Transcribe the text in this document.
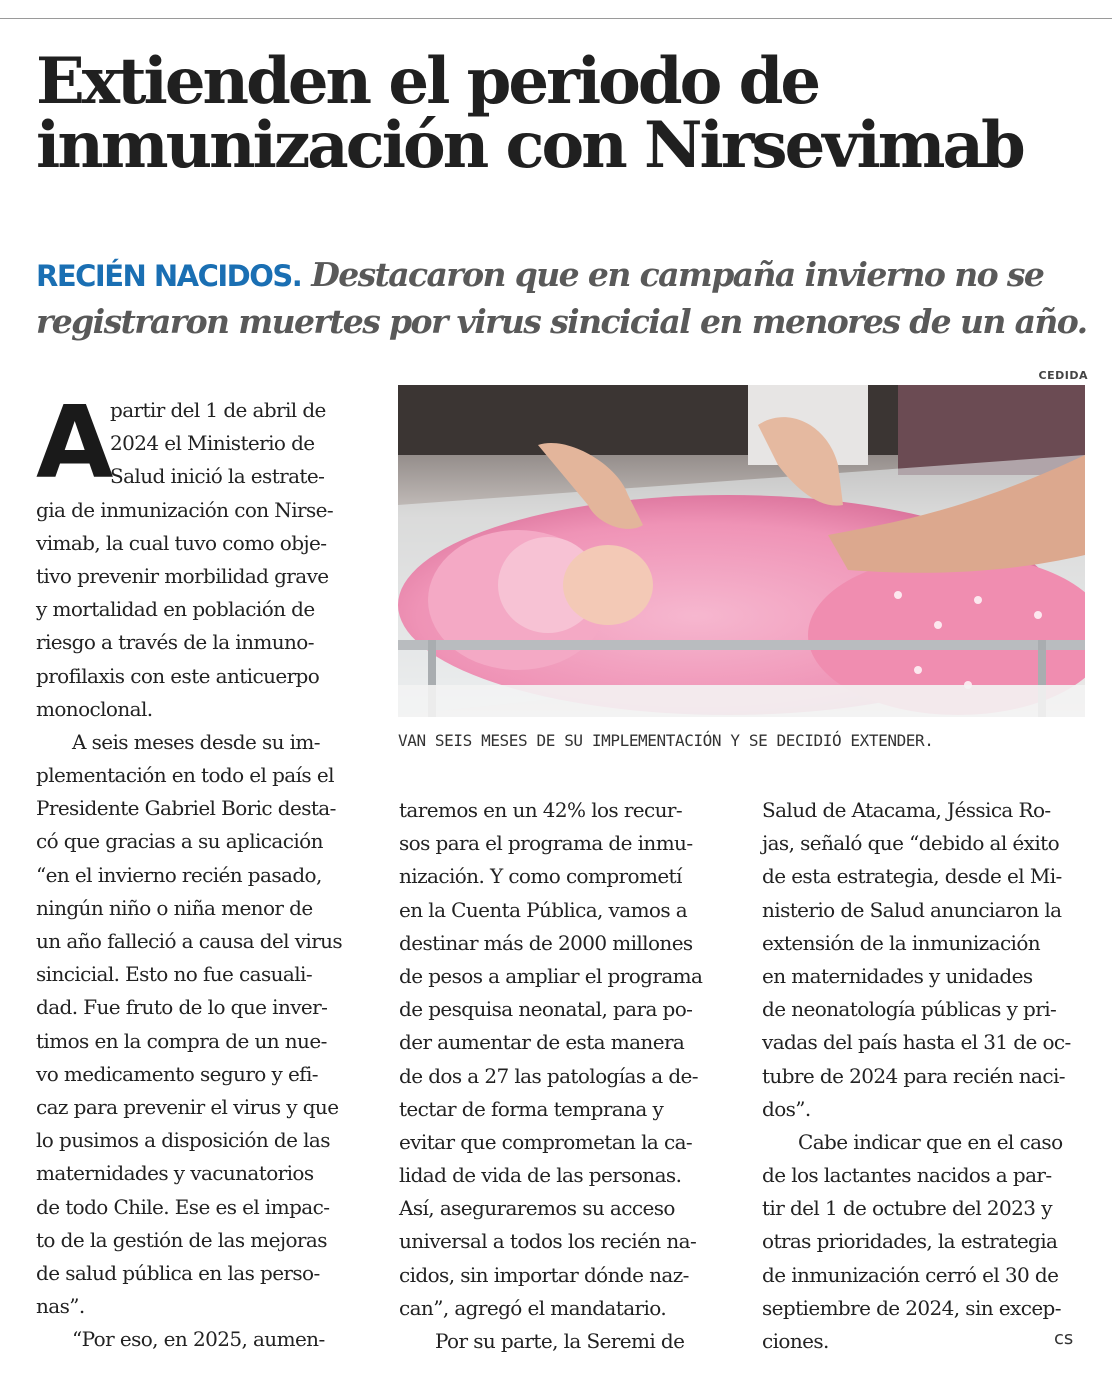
Extienden el periodo de
inmunización con Nirsevimab
RECIÉN NACIDOS. Destacaron que en campaña invierno no se
registraron muertes por virus sincicial en menores de un año.
CEDIDA
VAN SEIS MESES DE SU IMPLEMENTACIÓN Y SE DECIDIÓ EXTENDER.
A
partir del 1 de abril de
2024 el Ministerio de
Salud inició la estrate-
gia de inmunización con Nirse-
vimab, la cual tuvo como obje-
tivo prevenir morbilidad grave
y mortalidad en población de
riesgo a través de la inmuno-
profilaxis con este anticuerpo
monoclonal.
A seis meses desde su im-
plementación en todo el país el
Presidente Gabriel Boric desta-
có que gracias a su aplicación
“en el invierno recién pasado,
ningún niño o niña menor de
un año falleció a causa del virus
sincicial. Esto no fue casuali-
dad. Fue fruto de lo que inver-
timos en la compra de un nue-
vo medicamento seguro y efi-
caz para prevenir el virus y que
lo pusimos a disposición de las
maternidades y vacunatorios
de todo Chile. Ese es el impac-
to de la gestión de las mejoras
de salud pública en las perso-
nas”.
“Por eso, en 2025, aumen-
taremos en un 42% los recur-
sos para el programa de inmu-
nización. Y como comprometí
en la Cuenta Pública, vamos a
destinar más de 2000 millones
de pesos a ampliar el programa
de pesquisa neonatal, para po-
der aumentar de esta manera
de dos a 27 las patologías a de-
tectar de forma temprana y
evitar que comprometan la ca-
lidad de vida de las personas.
Así, aseguraremos su acceso
universal a todos los recién na-
cidos, sin importar dónde naz-
can”, agregó el mandatario.
Por su parte, la Seremi de
Salud de Atacama, Jéssica Ro-
jas, señaló que “debido al éxito
de esta estrategia, desde el Mi-
nisterio de Salud anunciaron la
extensión de la inmunización
en maternidades y unidades
de neonatología públicas y pri-
vadas del país hasta el 31 de oc-
tubre de 2024 para recién naci-
dos”.
Cabe indicar que en el caso
de los lactantes nacidos a par-
tir del 1 de octubre del 2023 y
otras prioridades, la estrategia
de inmunización cerró el 30 de
septiembre de 2024, sin excep-
ciones.	cs
